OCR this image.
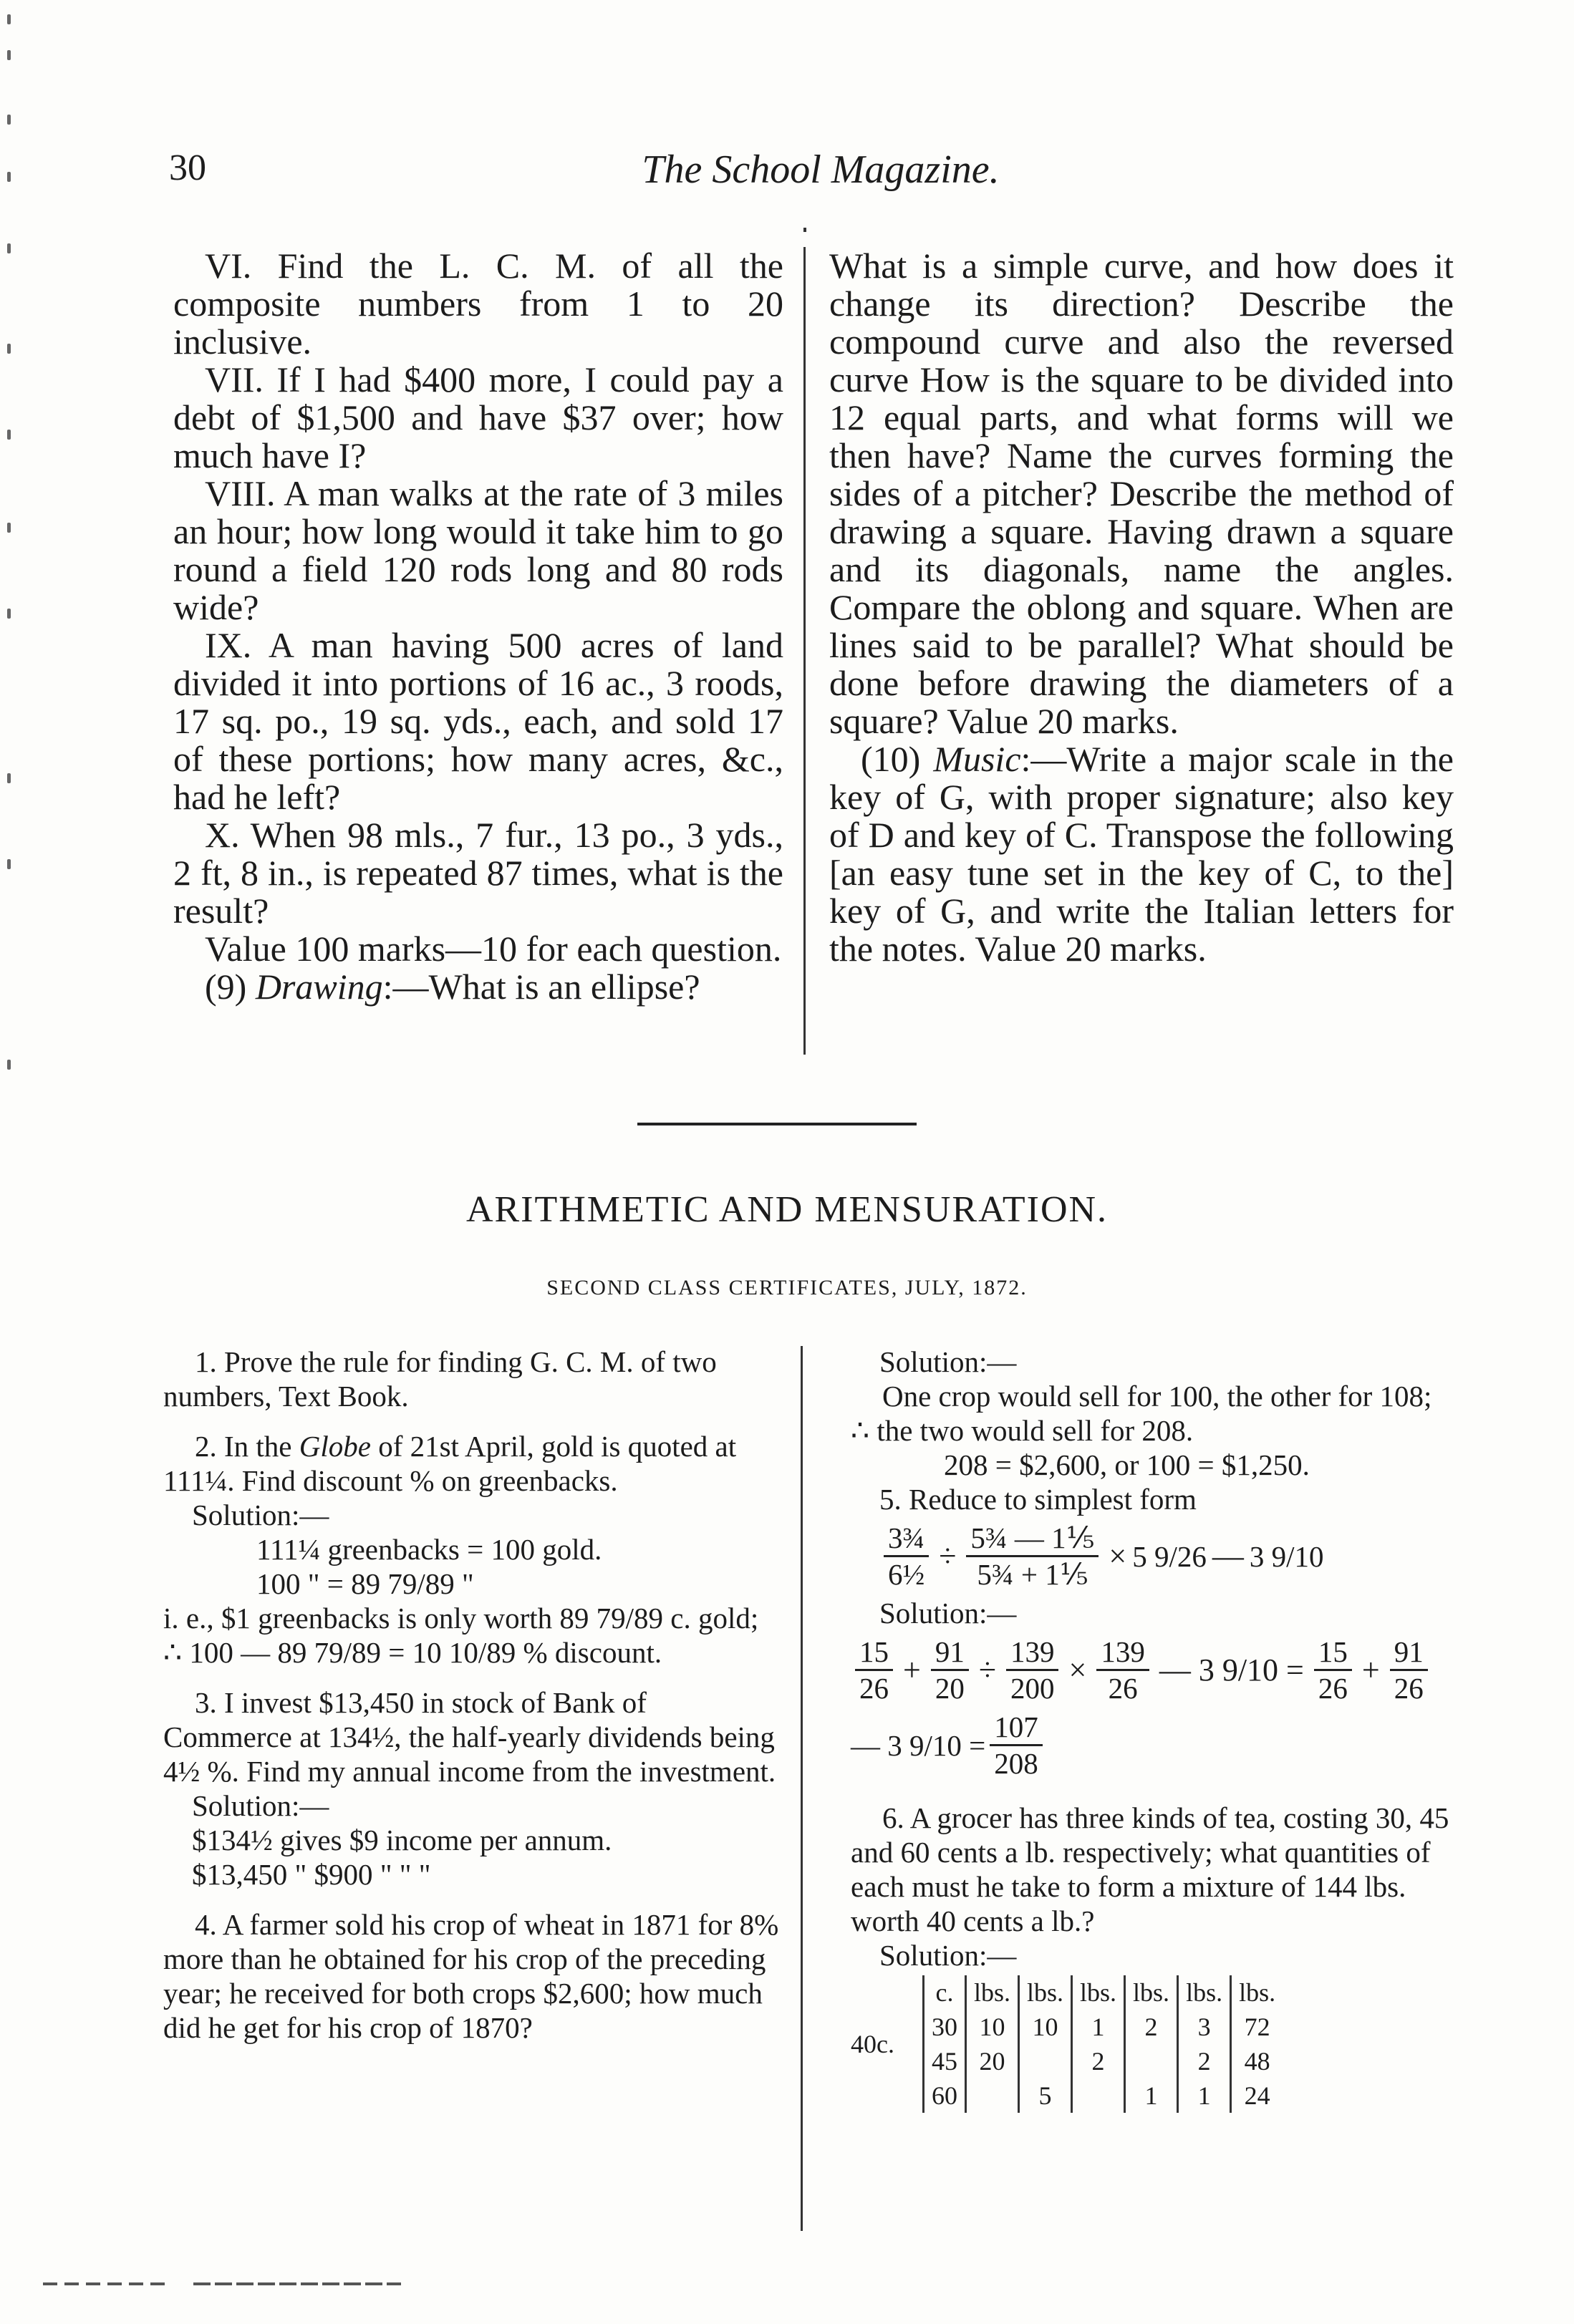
30	The School Magazine.

VI. Find the L. C. M. of all the composite numbers from 1 to 20 inclusive.

VII. If I had $400 more, I could pay a debt of $1,500 and have $37 over; how much have I?

VIII. A man walks at the rate of 3 miles an hour; how long would it take him to go round a field 120 rods long and 80 rods wide?

IX. A man having 500 acres of land divided it into portions of 16 ac., 3 roods, 17 sq. po., 19 sq. yds., each, and sold 17 of these portions; how many acres, &c., had he left?

X. When 98 mls., 7 fur., 13 po., 3 yds., 2 ft, 8 in., is repeated 87 times, what is the result?

Value 100 marks—10 for each question.

(9) Drawing:—What is an ellipse?

What is a simple curve, and how does it change its direction? Describe the compound curve and also the reversed curve How is the square to be divided into 12 equal parts, and what forms will we then have? Name the curves forming the sides of a pitcher? Describe the method of drawing a square. Having drawn a square and its diagonals, name the angles. Compare the oblong and square. When are lines said to be parallel? What should be done before drawing the diameters of a square? Value 20 marks.

(10) Music:—Write a major scale in the key of G, with proper signature; also key of D and key of C. Transpose the following [an easy tune set in the key of C, to the] key of G, and write the Italian letters for the notes. Value 20 marks.

ARITHMETIC AND MENSURATION.
SECOND CLASS CERTIFICATES, JULY, 1872.

1. Prove the rule for finding G. C. M. of two numbers, Text Book.

2. In the Globe of 21st April, gold is quoted at 111¼. Find discount % on greenbacks.

Solution:—

111¼ greenbacks = 100 gold.

100 " = 89 79/89 "

i. e., $1 greenbacks is only worth 89 79/89 c. gold;

∴ 100 — 89 79/89 = 10 10/89 % discount.

3. I invest $13,450 in stock of Bank of Commerce at 134½, the half-yearly dividends being 4½ %. Find my annual income from the investment.

Solution:—

$134½ gives $9 income per annum.

$13,450 " $900 " " "

4. A farmer sold his crop of wheat in 1871 for 8% more than he obtained for his crop of the preceding year; he received for both crops $2,600; how much did he get for his crop of 1870?

Solution:—

One crop would sell for 100, the other for 108; ∴ the two would sell for 208.

208 = $2,600, or 100 = $1,250.

5. Reduce to simplest form

$\frac{\text{3¾}}{\text{6½}} \div \frac{\text{5¾ — 1⅕}}{\text{5¾ + 1⅕}} \times 5$ 9/26 — 3 9/10

Solution:—

$\frac{15}{26} + \frac{91}{20} \div \frac{139}{200} \times \frac{139}{26}$ — 3 $9/10 = \frac{15}{26} + \frac{91}{26}$
— 3 $9/10 = \frac{107}{208}$

6. A grocer has three kinds of tea, costing 30, 45 and 60 cents a lb. respectively; what quantities of each must he take to form a mixture of 144 lbs. worth 40 cents a lb.?

Solution:—

40c.
c.	lbs.	lbs.	lbs.	lbs.	lbs.	lbs.
30	10	10	1	2	3	72
45	20		2		2	48
60		5		1	1	24
